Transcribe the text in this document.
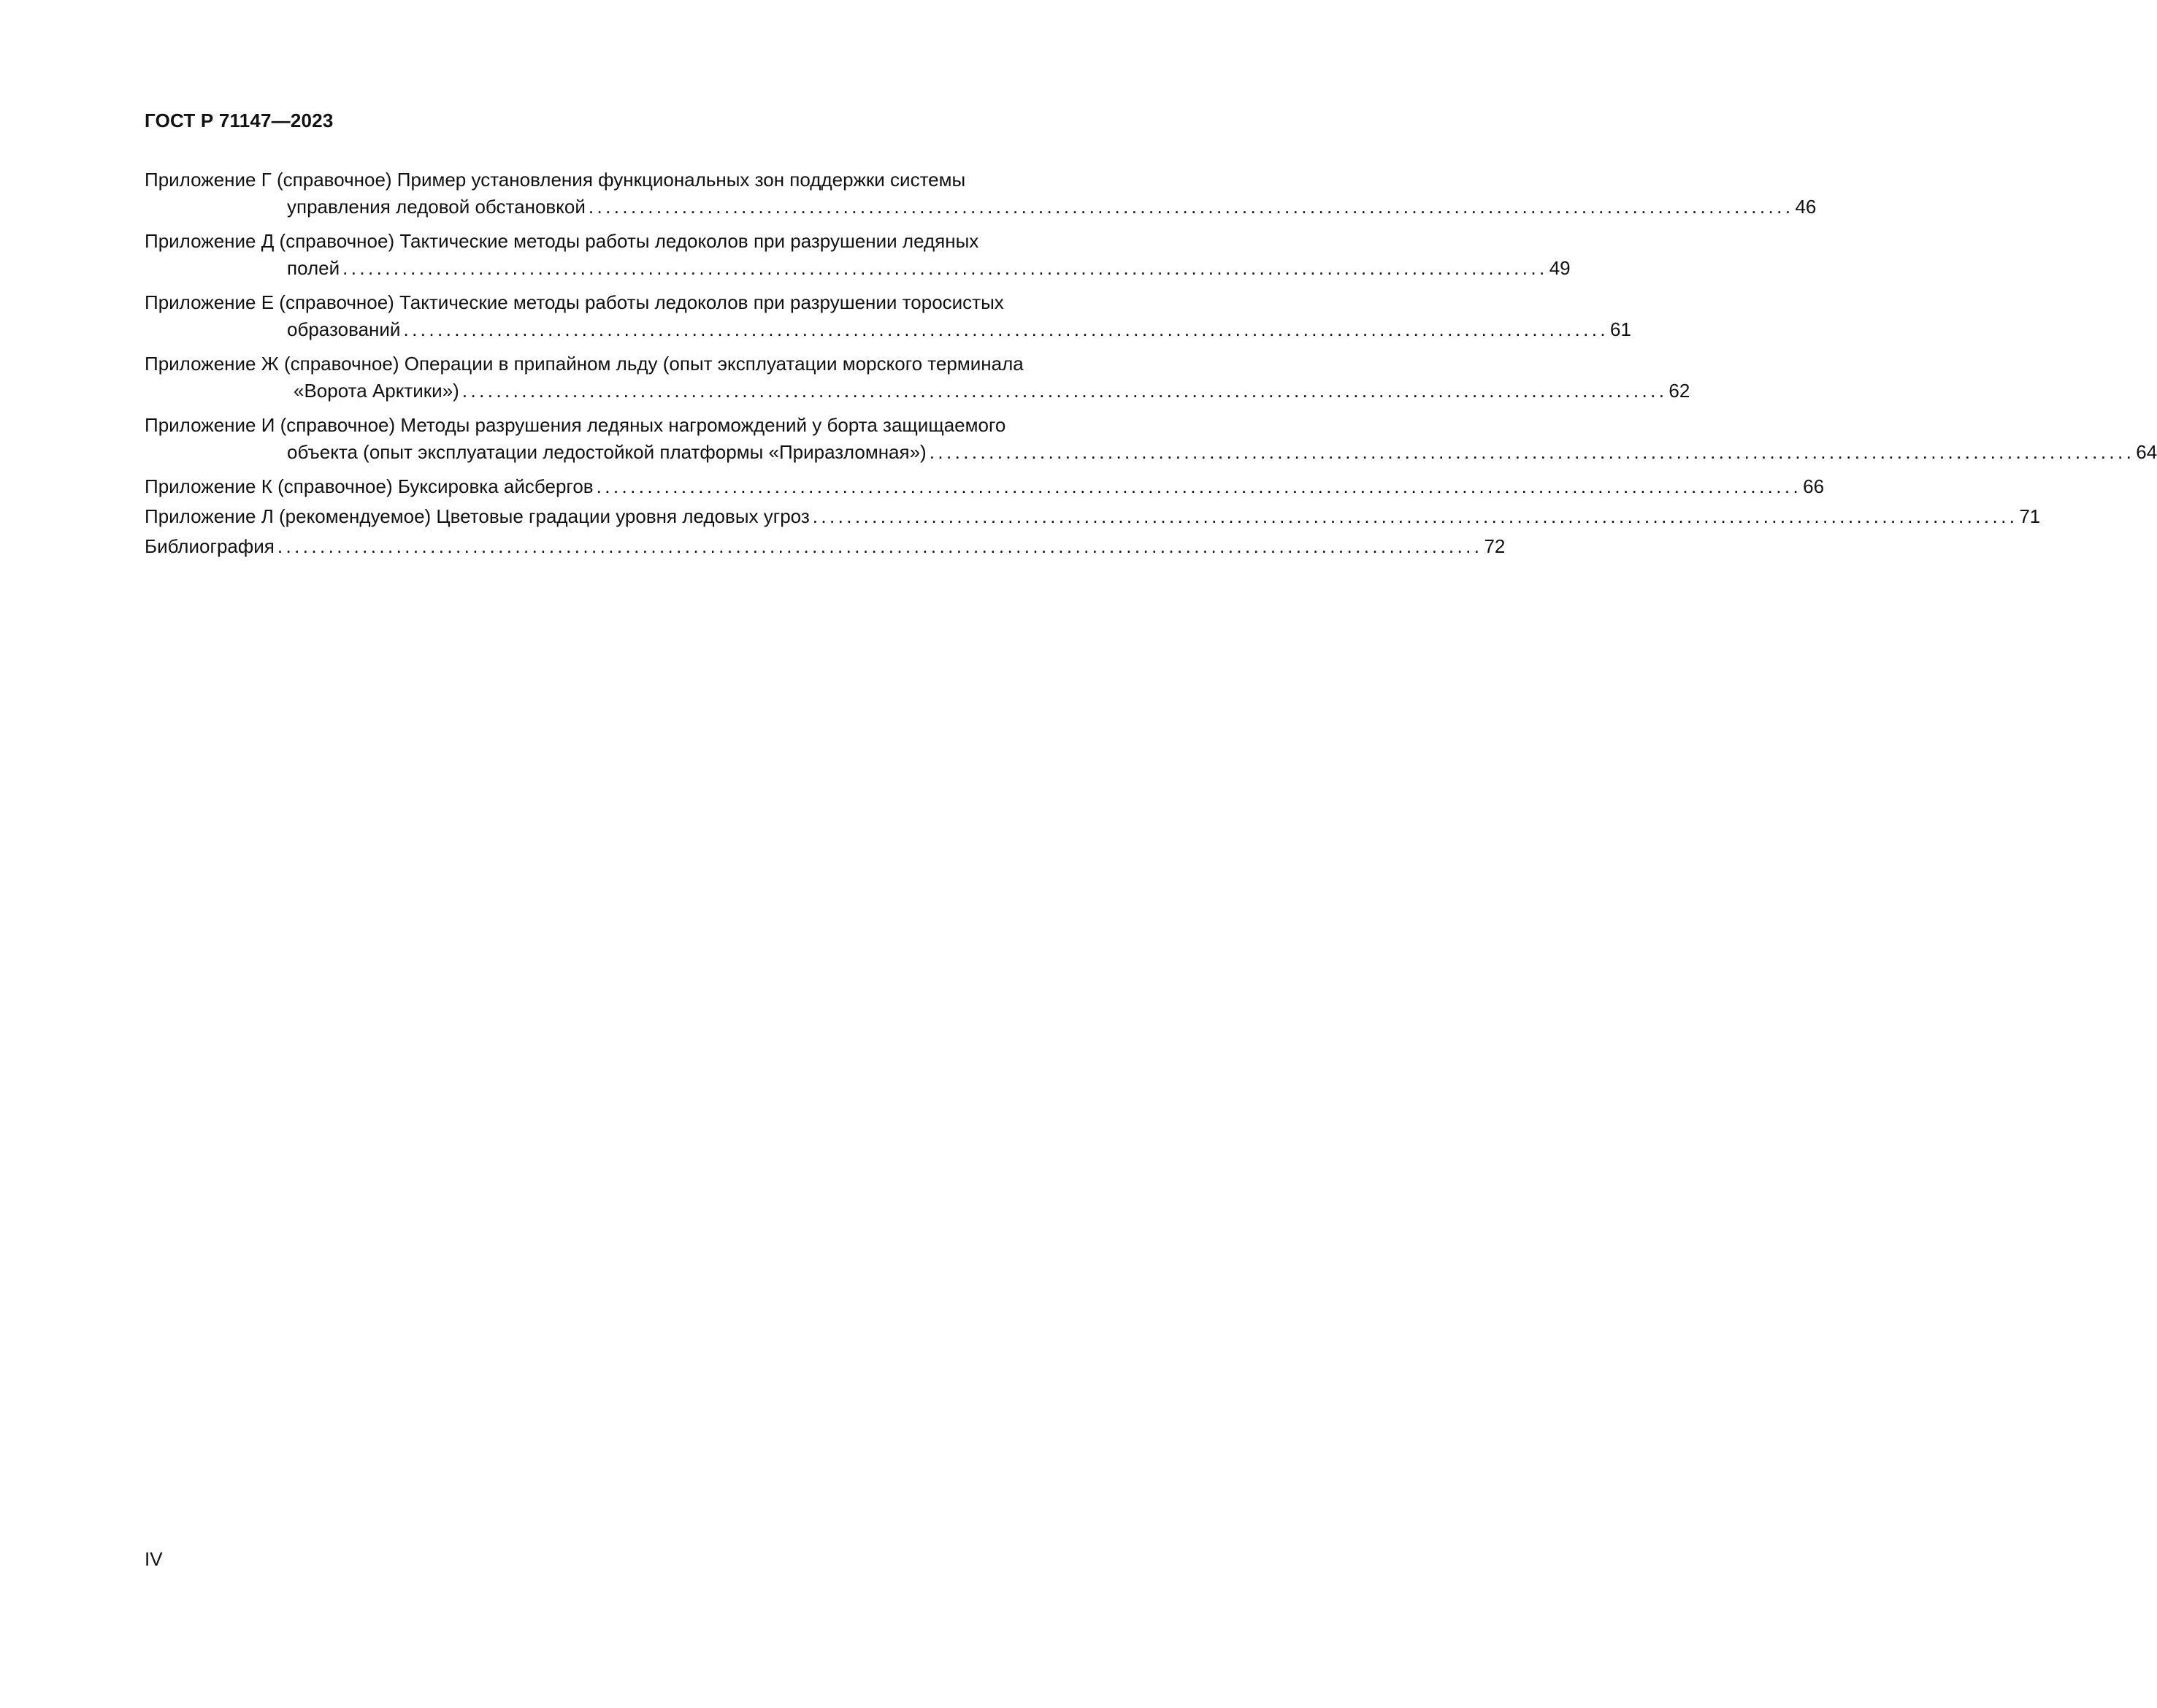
ГОСТ Р 71147—2023
Приложение Г (справочное) Пример установления функциональных зон поддержки системы
управления ледовой обстановкой .............................................................................................................................................. 46
Приложение Д (справочное) Тактические методы работы ледоколов при разрушении ледяных
полей .............................................................................................................................................. 49
Приложение Е (справочное) Тактические методы работы ледоколов при разрушении торосистых
образований .............................................................................................................................................. 61
Приложение Ж (справочное) Операции в припайном льду (опыт эксплуатации морского терминала
«Ворота Арктики») .............................................................................................................................................. 62
Приложение И (справочное) Методы разрушения ледяных нагромождений у борта защищаемого
объекта (опыт эксплуатации ледостойкой платформы «Приразломная») .............................................................................................................................................. 64
Приложение К (справочное) Буксировка айсбергов .............................................................................................................................................. 66
Приложение Л (рекомендуемое) Цветовые градации уровня ледовых угроз .............................................................................................................................................. 71
Библиография .............................................................................................................................................. 72
IV
